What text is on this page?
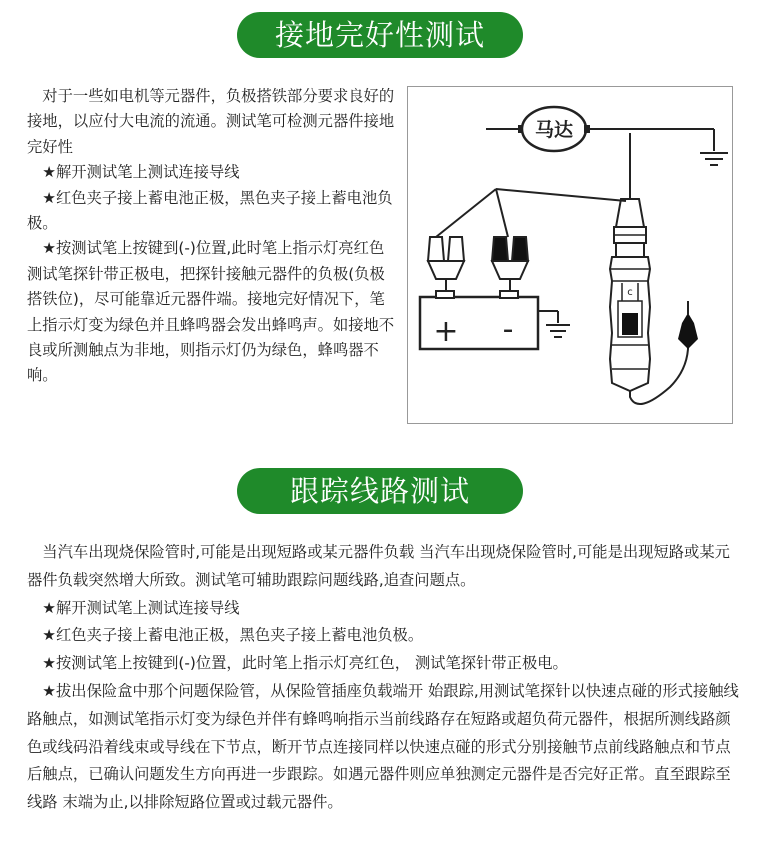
接地完好性测试

对于一些如电机等元器件，负极搭铁部分要求良好的接地，以应付大电流的流通。测试笔可检测元器件接地完好性

★解开测试笔上测试连接导线

★红色夹子接上蓄电池正极，黑色夹子接上蓄电池负极。

★按测试笔上按键到(-)位置,此时笔上指示灯亮红色测试笔探针带正极电，把探针接触元器件的负极(负极搭铁位)，尽可能靠近元器件端。接地完好情况下，笔上指示灯变为绿色并且蜂鸣器会发出蜂鸣声。如接地不良或所测触点为非地，则指示灯仍为绿色，蜂鸣器不响。

马达
c
+ -
跟踪线路测试

当汽车出现烧保险管时,可能是出现短路或某元器件负载 当汽车出现烧保险管时,可能是出现短路或某元器件负载突然增大所致。测试笔可辅助跟踪问题线路,追查问题点。

★解开测试笔上测试连接导线

★红色夹子接上蓄电池正极，黑色夹子接上蓄电池负极。

★按测试笔上按键到(-)位置，此时笔上指示灯亮红色， 测试笔探针带正极电。

★拔出保险盒中那个问题保险管，从保险管插座负载端开 始跟踪,用测试笔探针以快速点碰的形式接触线路触点，如测试笔指示灯变为绿色并伴有蜂鸣响指示当前线路存在短路或超负荷元器件，根据所测线路颜色或线码沿着线束或导线在下节点，断开节点连接同样以快速点碰的形式分别接触节点前线路触点和节点后触点，已确认问题发生方向再进一步跟踪。如遇元器件则应单独测定元器件是否完好正常。直至跟踪至线路 末端为止,以排除短路位置或过载元器件。
